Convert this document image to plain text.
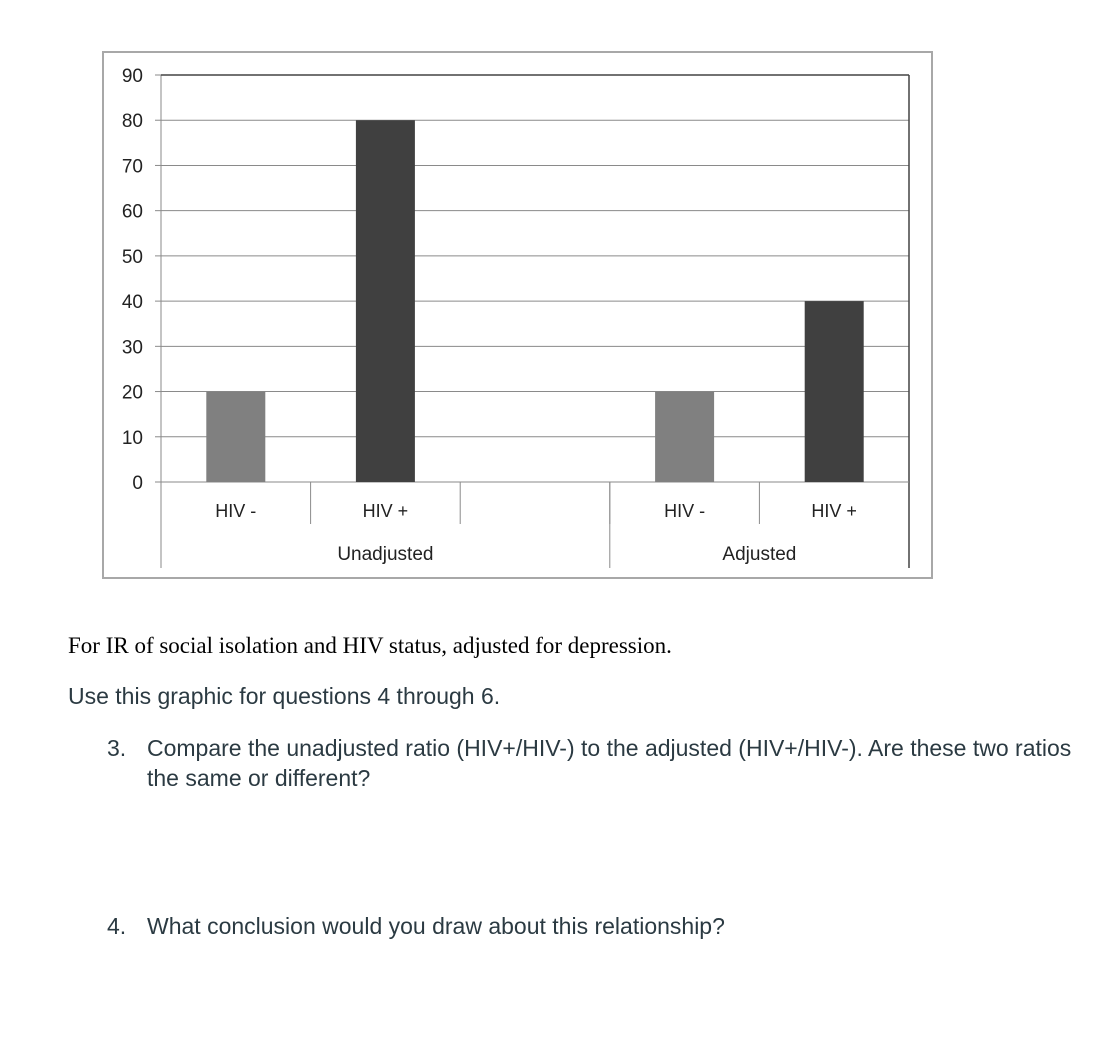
0
10
20
30
40
50
60
70
80
90
HIV -	HIV +	HIV -	HIV +
Unadjusted	Adjusted

For IR of social isolation and HIV status, adjusted for depression.

Use this graphic for questions 4 through 6.

3. Compare the unadjusted ratio (HIV+/HIV-) to the adjusted (HIV+/HIV-). Are these two ratios the same or different?
4. What conclusion would you draw about this relationship?
